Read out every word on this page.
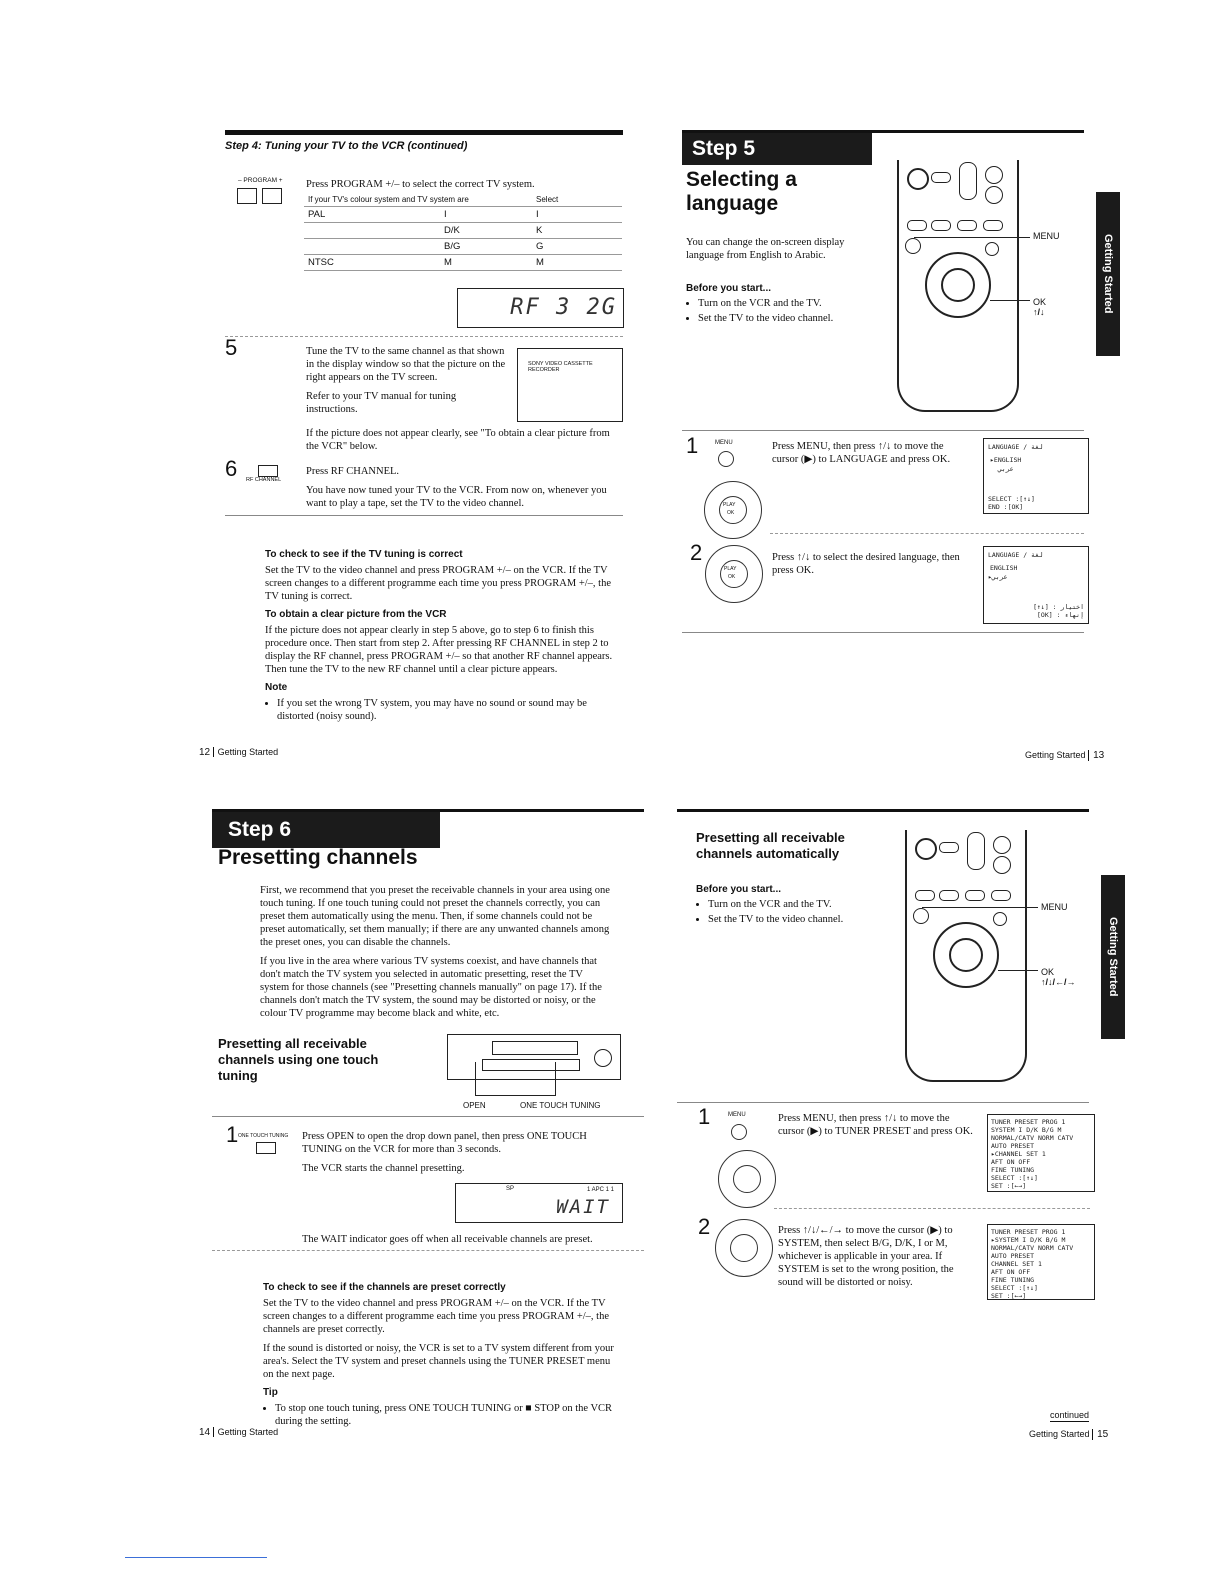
Step 4: Tuning your TV to the VCR (continued)
– PROGRAM + Press PROGRAM +/– to select the correct TV system.
If your TV's colour system and TV system are	Select
PAL I	I

D/K	K

B/G	G
NTSC M	M
RF 3 2G
5	Tune the TV to the same channel as that shown in the display window so that the picture on the right appears on the TV screen.

Refer to your TV manual for tuning instructions.

If the picture does not appear clearly, see "To obtain a clear picture from the VCR" below.
SONY VIDEO CASSETTE RECORDER
6 RF CHANNEL

Press RF CHANNEL.

You have now tuned your TV to the VCR. From now on, whenever you want to play a tape, set the TV to the video channel.

To check to see if the TV tuning is correct
Set the TV to the video channel and press PROGRAM +/– on the VCR. If the TV screen changes to a different programme each time you press PROGRAM +/–, the TV tuning is correct.
To obtain a clear picture from the VCR
If the picture does not appear clearly in step 5 above, go to step 6 to finish this procedure once. Then start from step 2. After pressing RF CHANNEL in step 2 to display the RF channel, press PROGRAM +/– so that another RF channel appears. Then tune the TV to the new RF channel until a clear picture appears.
Note
• If you set the wrong TV system, you may have no sound or sound may be distorted (noisy sound).
12 Getting Started
Step 5
Selecting a language
You can change the on-screen display language from English to Arabic.
Before you start...
• Turn on the VCR and the TV.
• Set the TV to the video channel.
MENU
OK
↑/↓	Getting Started
1	MENU
PLAY
OK
Press MENU, then press ↑/↓ to move the cursor (▶) to LANGUAGE and press OK.
LANGUAGE / لغة
▸ENGLISH
عربي
SELECT :[↑↓]
END :[OK]
2
PLAY
OK
Press ↑/↓ to select the desired language, then press OK.
LANGUAGE / لغة
ENGLISH
▸عربي
[↑↓] : اختيار
[OK] : إنهاء
Getting Started 13
Step 6
Presetting channels

First, we recommend that you preset the receivable channels in your area using one touch tuning. If one touch tuning could not preset the channels correctly, you can preset them automatically using the menu. Then, if some channels could not be preset automatically, set them manually; if there are any unwanted channels among the preset ones, you can disable the channels.

If you live in the area where various TV systems coexist, and have channels that don't match the TV system you selected in automatic presetting, reset the TV system for those channels (see "Presetting channels manually" on page 17). If the channels don't match the TV system, the sound may be distorted or noisy, or the colour TV programme may become black and white, etc.

Presetting all receivable channels using one touch tuning
OPEN	ONE TOUCH TUNING
1 ONE TOUCH TUNING Press OPEN to open the drop down panel, then press ONE TOUCH TUNING on the VCR for more than 3 seconds.

The VCR starts the channel presetting.

SP	1 APC 1 1
WAIT
The WAIT indicator goes off when all receivable channels are preset.
To check to see if the channels are preset correctly

Set the TV to the video channel and press PROGRAM +/– on the VCR. If the TV screen changes to a different programme each time you press PROGRAM +/–, the channels are preset correctly.

If the sound is distorted or noisy, the VCR is set to a TV system different from your area's. Select the TV system and preset channels using the TUNER PRESET menu on the next page.

Tip
• To stop one touch tuning, press ONE TOUCH TUNING or ■ STOP on the VCR during the setting.
14 Getting Started
Presetting all receivable channels automatically
Before you start...
• Turn on the VCR and the TV.
• Set the TV to the video channel.
MENU
OK
↑/↓/←/→	Getting Started
1	MENU	Press MENU, then press ↑/↓ to move the cursor (▶) to TUNER PRESET and press OK.
TUNER PRESET PROG 1
SYSTEM I D/K B/G M
NORMAL/CATV NORM CATV
AUTO PRESET
▸CHANNEL SET 1
AFT ON OFF
FINE TUNING
SELECT :[↑↓]
SET :[←→]
2	Press ↑/↓/←/→ to move the cursor (▶) to SYSTEM, then select B/G, D/K, I or M, whichever is applicable in your area. If SYSTEM is set to the wrong position, the sound will be distorted or noisy.
TUNER PRESET PROG 1
▸SYSTEM I D/K B/G M
NORMAL/CATV NORM CATV
AUTO PRESET
CHANNEL SET 1
AFT ON OFF
FINE TUNING
SELECT :[↑↓]
SET :[←→]
continued
Getting Started 15
